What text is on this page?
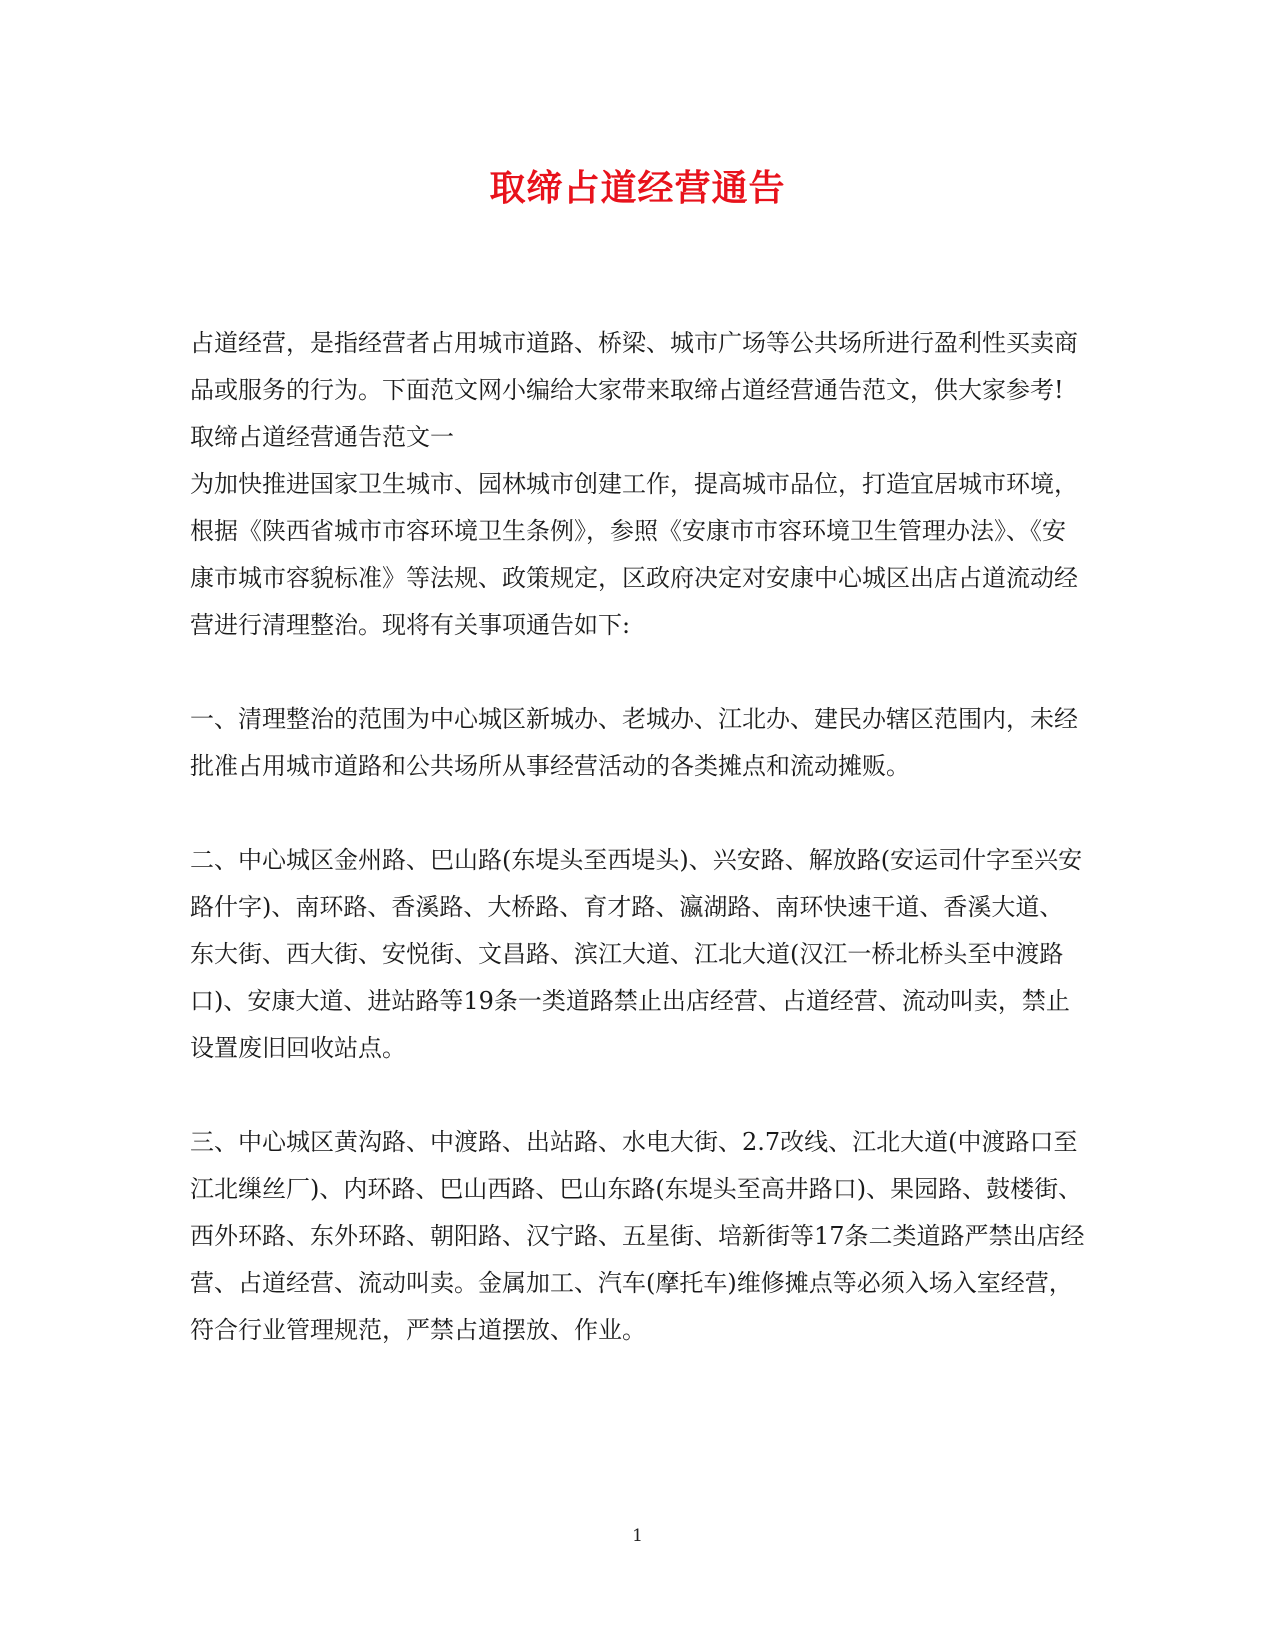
取缔占道经营通告

占道经营，是指经营者占用城市道路、桥梁、城市广场等公共场所进行盈利性买卖商品或服务的行为。下面范文网小编给大家带来取缔占道经营通告范文，供大家参考!

取缔占道经营通告范文一

为加快推进国家卫生城市、园林城市创建工作，提高城市品位，打造宜居城市环境，根据《陕西省城市市容环境卫生条例》，参照《安康市市容环境卫生管理办法》、《安康市城市容貌标准》等法规、政策规定，区政府决定对安康中心城区出店占道流动经营进行清理整治。现将有关事项通告如下:

一、清理整治的范围为中心城区新城办、老城办、江北办、建民办辖区范围内，未经批准占用城市道路和公共场所从事经营活动的各类摊点和流动摊贩。

二、中心城区金州路、巴山路(东堤头至西堤头)、兴安路、解放路(安运司什字至兴安路什字)、南环路、香溪路、大桥路、育才路、瀛湖路、南环快速干道、香溪大道、东大街、西大街、安悦街、文昌路、滨江大道、江北大道(汉江一桥北桥头至中渡路口)、安康大道、进站路等19条一类道路禁止出店经营、占道经营、流动叫卖，禁止设置废旧回收站点。

三、中心城区黄沟路、中渡路、出站路、水电大街、2.7改线、江北大道(中渡路口至江北缫丝厂)、内环路、巴山西路、巴山东路(东堤头至高井路口)、果园路、鼓楼街、西外环路、东外环路、朝阳路、汉宁路、五星街、培新街等17条二类道路严禁出店经营、占道经营、流动叫卖。金属加工、汽车(摩托车)维修摊点等必须入场入室经营，符合行业管理规范，严禁占道摆放、作业。

1
